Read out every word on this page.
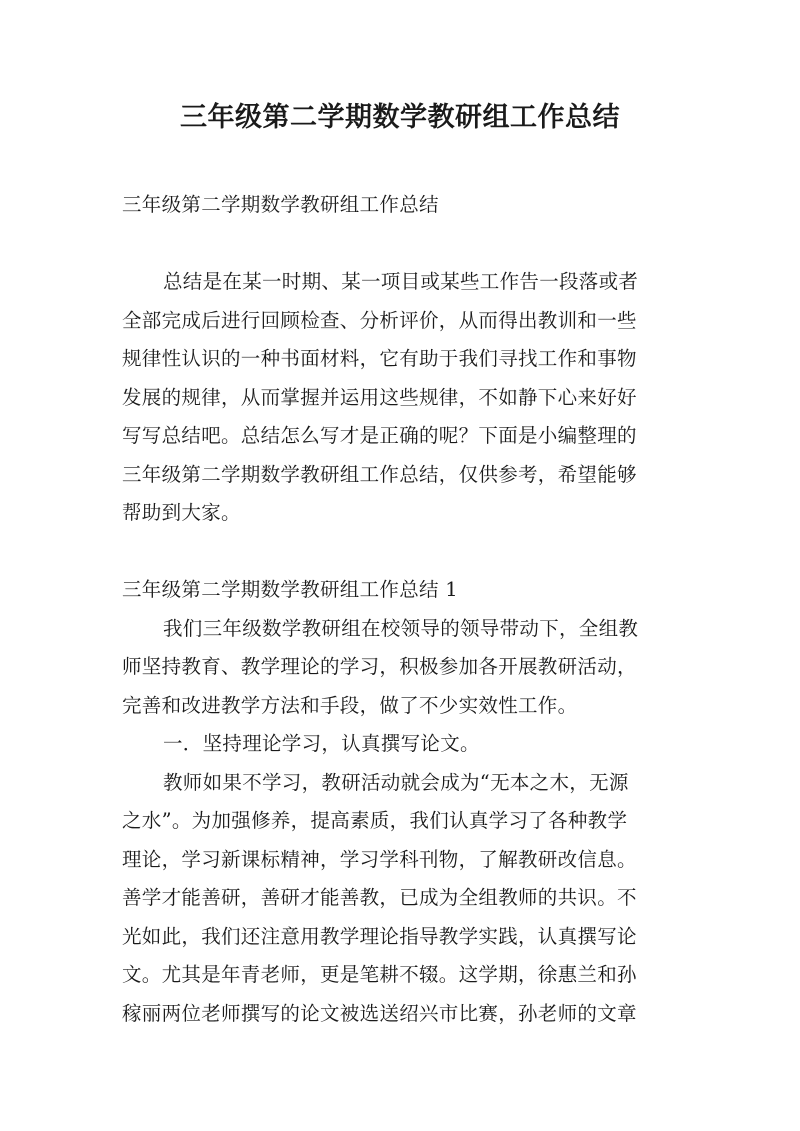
三年级第二学期数学教研组工作总结
三年级第二学期数学教研组工作总结
总结是在某一时期、某一项目或某些工作告一段落或者
全部完成后进行回顾检查、分析评价，从而得出教训和一些
规律性认识的一种书面材料，它有助于我们寻找工作和事物
发展的规律，从而掌握并运用这些规律，不如静下心来好好
写写总结吧。总结怎么写才是正确的呢？下面是小编整理的
三年级第二学期数学教研组工作总结，仅供参考，希望能够
帮助到大家。
三年级第二学期数学教研组工作总结 1
我们三年级数学教研组在校领导的领导带动下，全组教
师坚持教育、教学理论的学习，积极参加各开展教研活动，
完善和改进教学方法和手段，做了不少实效性工作。
一．坚持理论学习，认真撰写论文。
教师如果不学习，教研活动就会成为“无本之木，无源
之水”。为加强修养，提高素质，我们认真学习了各种教学
理论，学习新课标精神，学习学科刊物，了解教研改信息。
善学才能善研，善研才能善教，已成为全组教师的共识。不
光如此，我们还注意用教学理论指导教学实践，认真撰写论
文。尤其是年青老师，更是笔耕不辍。这学期，徐惠兰和孙
稼丽两位老师撰写的论文被选送绍兴市比赛，孙老师的文章
